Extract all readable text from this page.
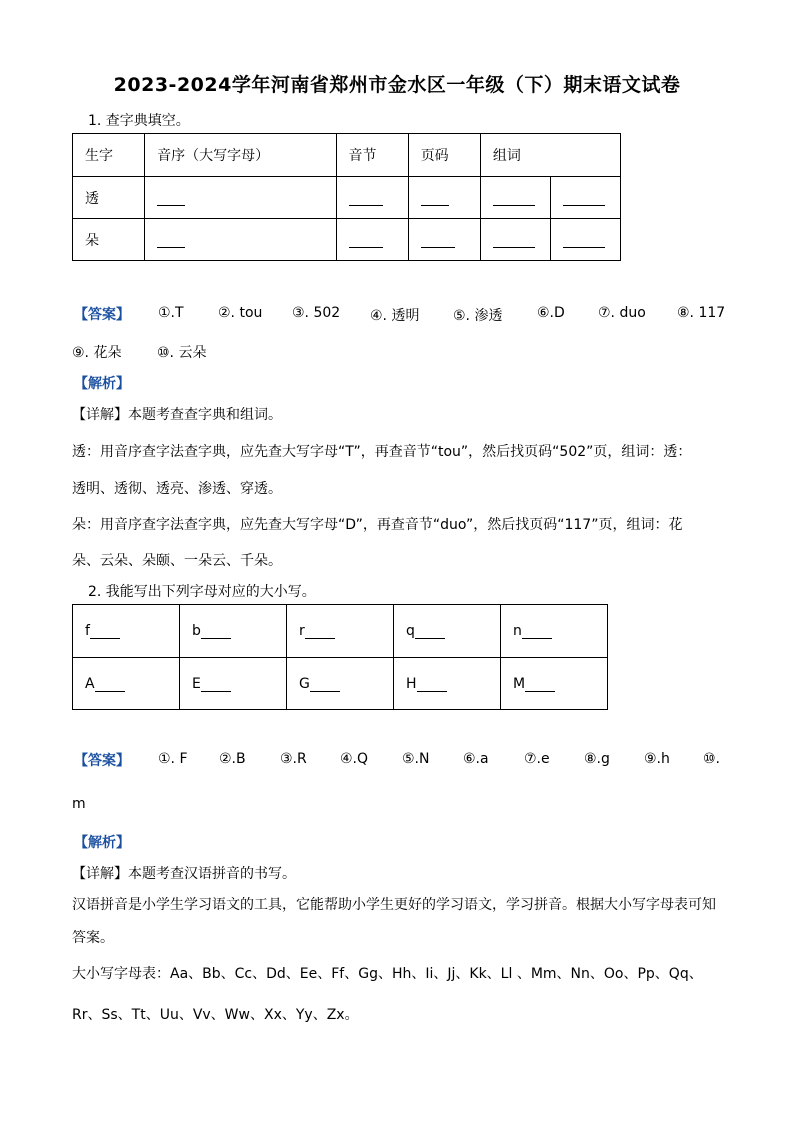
2023-2024学年河南省郑州市金水区一年级（下）期末语文试卷
1. 查字典填空。
生字	音序（大写字母）	音节	页码	组词	
透					
朵					
【答案】 ①.T ②. tou ③. 502 ④. 透明 ⑤. 渗透 ⑥.D ⑦. duo ⑧. 117
⑨. 花朵	⑩. 云朵
【解析】
【详解】本题考查查字典和组词。
透：用音序查字法查字典，应先查大写字母“T”，再查音节“tou”，然后找页码“502”页，组词：透：
透明、透彻、透亮、渗透、穿透。
朵：用音序查字法查字典，应先查大写字母“D”，再查音节“duo”，然后找页码“117”页，组词：花
朵、云朵、朵颐、一朵云、千朵。
2. 我能写出下列字母对应的大小写。
f	b	r	q	n
A	E	G	H	M
【答案】 ①. F ②.B ③.R ④.Q ⑤.N ⑥.a	⑦.e ⑧.g ⑨.h ⑩.
m
【解析】
【详解】本题考查汉语拼音的书写。
汉语拼音是小学生学习语文的工具，它能帮助小学生更好的学习语文，学习拼音。根据大小写字母表可知
答案。
大小写字母表：Aa、Bb、Cc、Dd、Ee、Ff、Gg、Hh、Ii、Jj、Kk、Ll 、Mm、Nn、Oo、Pp、Qq、
Rr、Ss、Tt、Uu、Vv、Ww、Xx、Yy、Zx。
